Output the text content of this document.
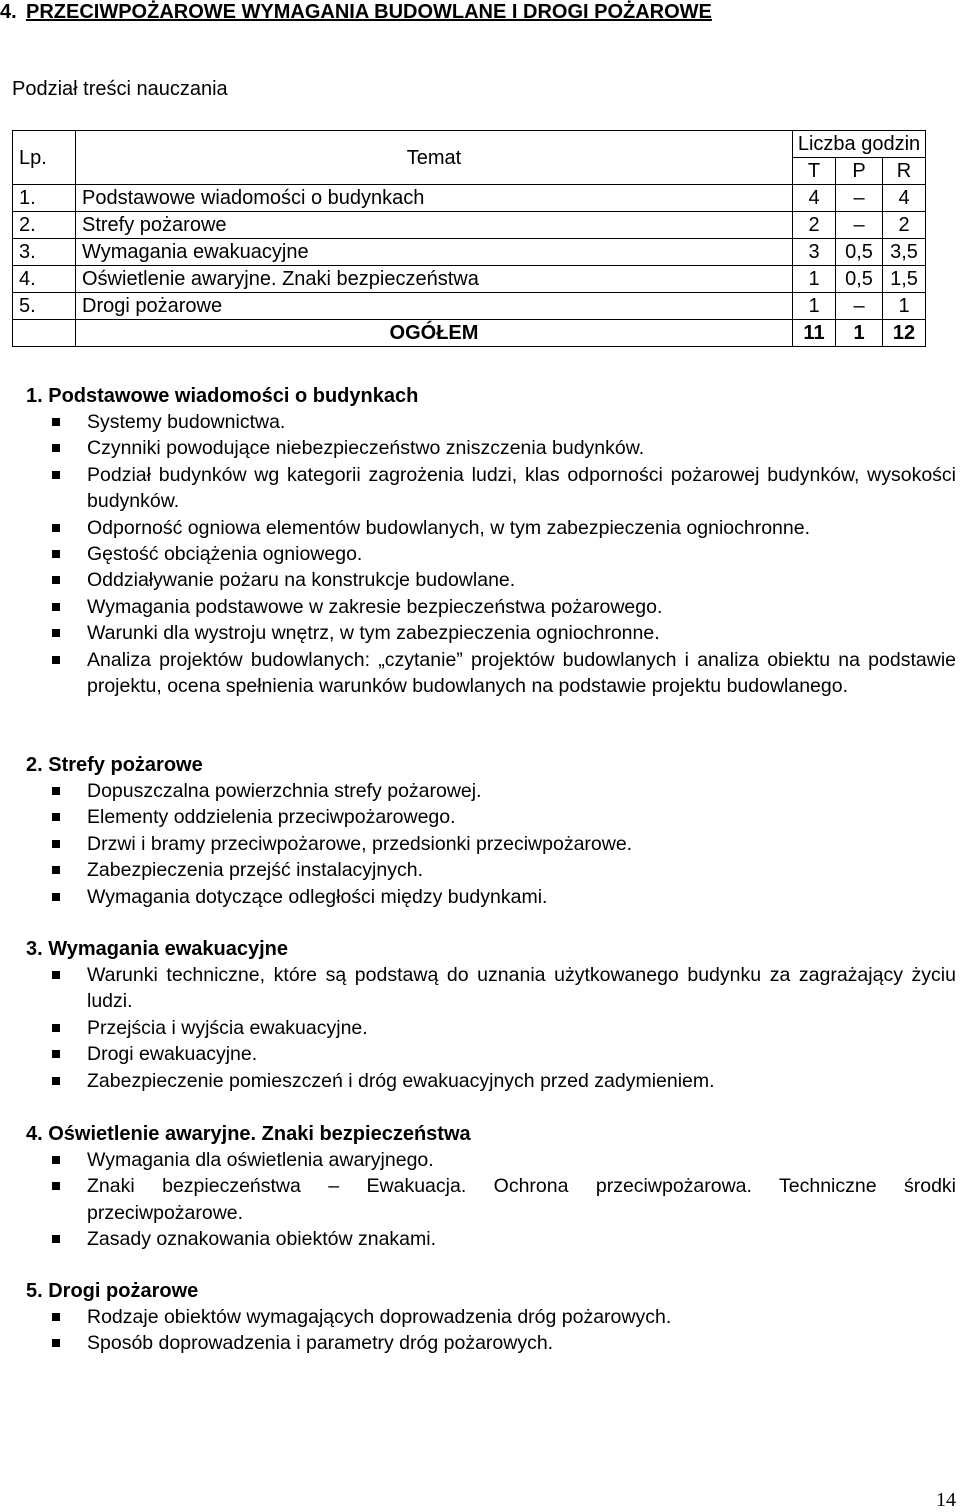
4. PRZECIWPOŻAROWE WYMAGANIA BUDOWLANE I DROGI POŻAROWE

Podział treści nauczania

Lp.	Temat	Liczba godzin		
		T	P	R
1.	Podstawowe wiadomości o budynkach	4	–	4
2.	Strefy pożarowe	2	–	2
3.	Wymagania ewakuacyjne	3	0,5	3,5
4.	Oświetlenie awaryjne. Znaki bezpieczeństwa	1	0,5	1,5
5.	Drogi pożarowe	1	–	1
	OGÓŁEM	11	1	12
1. Podstawowe wiadomości o budynkach
Systemy budownictwa.
Czynniki powodujące niebezpieczeństwo zniszczenia budynków.
Podział budynków wg kategorii zagrożenia ludzi, klas odporności pożarowej budynków, wysokości budynków.
Odporność ogniowa elementów budowlanych, w tym zabezpieczenia ogniochronne.
Gęstość obciążenia ogniowego.
Oddziaływanie pożaru na konstrukcje budowlane.
Wymagania podstawowe w zakresie bezpieczeństwa pożarowego.
Warunki dla wystroju wnętrz, w tym zabezpieczenia ogniochronne.
Analiza projektów budowlanych: „czytanie” projektów budowlanych i analiza obiektu na podstawie projektu, ocena spełnienia warunków budowlanych na podstawie projektu budowlanego.
2. Strefy pożarowe
Dopuszczalna powierzchnia strefy pożarowej.
Elementy oddzielenia przeciwpożarowego.
Drzwi i bramy przeciwpożarowe, przedsionki przeciwpożarowe.
Zabezpieczenia przejść instalacyjnych.
Wymagania dotyczące odległości między budynkami.
3. Wymagania ewakuacyjne
Warunki techniczne, które są podstawą do uznania użytkowanego budynku za zagrażający życiu ludzi.
Przejścia i wyjścia ewakuacyjne.
Drogi ewakuacyjne.
Zabezpieczenie pomieszczeń i dróg ewakuacyjnych przed zadymieniem.
4. Oświetlenie awaryjne. Znaki bezpieczeństwa
Wymagania dla oświetlenia awaryjnego.
Znaki bezpieczeństwa – Ewakuacja. Ochrona przeciwpożarowa. Techniczne środki przeciwpożarowe.
Zasady oznakowania obiektów znakami.
5. Drogi pożarowe
Rodzaje obiektów wymagających doprowadzenia dróg pożarowych.
Sposób doprowadzenia i parametry dróg pożarowych.

14
